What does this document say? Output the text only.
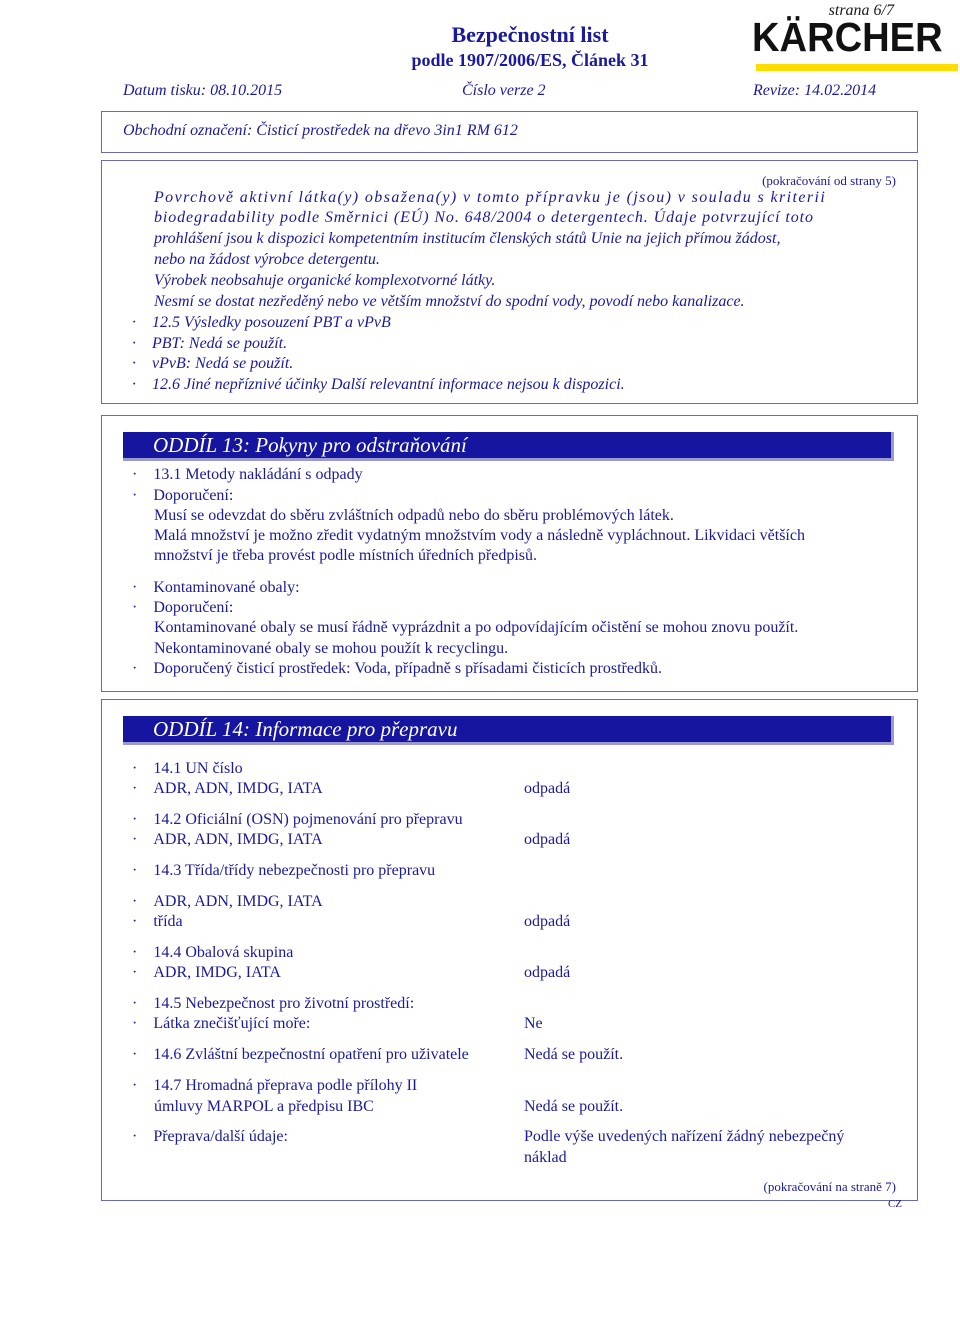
strana 6/7
Bezpečnostní list
podle 1907/2006/ES, Článek 31	KÄRCHER
Datum tisku: 08.10.2015	Číslo verze 2	Revize: 14.02.2014
Obchodní označení: Čisticí prostředek na dřevo 3in1 RM 612
(pokračování od strany 5)
Povrchově aktivní látka(y) obsažena(y) v tomto přípravku je (jsou) v souladu s kriterii
biodegradability podle Směrnici (EÚ) No. 648/2004 o detergentech. Údaje potvrzující toto
prohlášení jsou k dispozici kompetentním institucím členských států Unie na jejich přímou žádost,
nebo na žádost výrobce detergentu.
Výrobek neobsahuje organické komplexotvorné látky.
Nesmí se dostat nezředěný nebo ve větším množství do spodní vody, povodí nebo kanalizace.
· 12.5 Výsledky posouzení PBT a vPvB
· PBT: Nedá se použít.
· vPvB: Nedá se použít.
· 12.6 Jiné nepříznivé účinky Další relevantní informace nejsou k dispozici.
ODDÍL 13: Pokyny pro odstraňování
· 13.1 Metody nakládání s odpady
· Doporučení:
Musí se odevzdat do sběru zvláštních odpadů nebo do sběru problémových látek.
Malá množství je možno zředit vydatným množstvím vody a následně vypláchnout. Likvidaci větších
množství je třeba provést podle místních úředních předpisů.
· Kontaminované obaly:
· Doporučení:
Kontaminované obaly se musí řádně vyprázdnit a po odpovídajícím očistění se mohou znovu použít.
Nekontaminované obaly se mohou použít k recyclingu.
· Doporučený čisticí prostředek: Voda, případně s přísadami čisticích prostředků.
ODDÍL 14: Informace pro přepravu
· 14.1 UN číslo
· ADR, ADN, IMDG, IATA	odpadá
· 14.2 Oficiální (OSN) pojmenování pro přepravu
· ADR, ADN, IMDG, IATA	odpadá
· 14.3 Třída/třídy nebezpečnosti pro přepravu
· ADR, ADN, IMDG, IATA
· třída	odpadá
· 14.4 Obalová skupina
· ADR, IMDG, IATA	odpadá
· 14.5 Nebezpečnost pro životní prostředí:
· Látka znečišťující moře:	Ne
· 14.6 Zvláštní bezpečnostní opatření pro uživatele	Nedá se použít.
· 14.7 Hromadná přeprava podle přílohy II
úmluvy MARPOL a předpisu IBC	Nedá se použít.
· Přeprava/další údaje:	Podle výše uvedených nařízení žádný nebezpečný
náklad
(pokračování na straně 7)
CZ
